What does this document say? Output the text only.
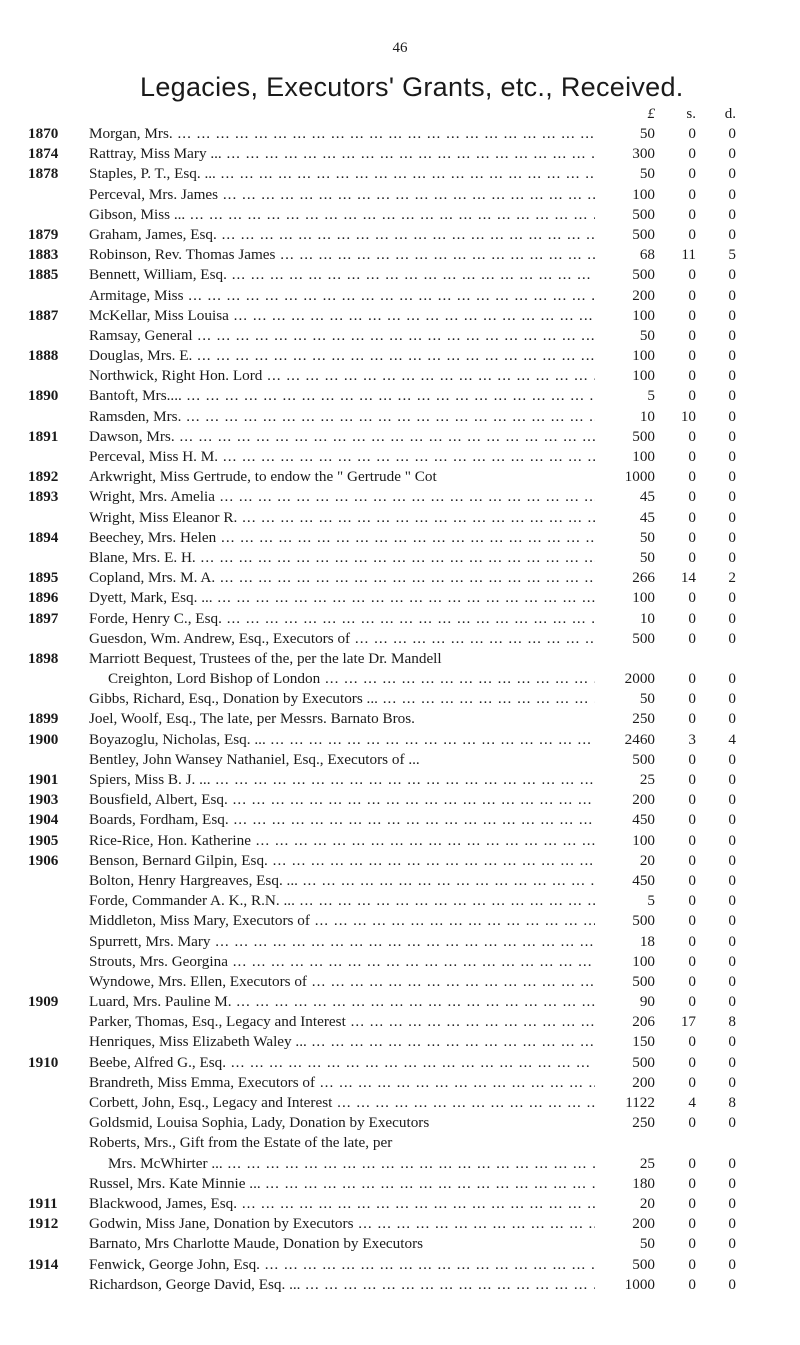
46
Legacies, Executors' Grants, etc., Received.
£	s.	d.
1870	Morgan, Mrs. ... .	50	0	0
1874	Rattray, Miss Mary ... ... .	300	0	0
1878	Staples, P. T., Esq. ... ... .	50	0	0
Perceval, Mrs. James ... .	100	0	0
Gibson, Miss ... ... .	500	0	0
1879	Graham, James, Esq. ... .	500	0	0
1883	Robinson, Rev. Thomas James ... .	68	11	5
1885	Bennett, William, Esq. ... .	500	0	0
Armitage, Miss ... .	200	0	0
1887	McKellar, Miss Louisa ... .	100	0	0
Ramsay, General ... .	50	0	0
1888	Douglas, Mrs. E. ... .	100	0	0
Northwick, Right Hon. Lord ... .	100	0	0
1890	Bantoft, Mrs.... ... .	5	0	0
Ramsden, Mrs. ... .	10	10	0
1891	Dawson, Mrs. ... .	500	0	0
Perceval, Miss H. M. ... .	100	0	0
1892	Arkwright, Miss Gertrude, to endow the " Gertrude " Cot	1000	0	0
1893	Wright, Mrs. Amelia ... .	45	0	0
Wright, Miss Eleanor R. ... .	45	0	0
1894	Beechey, Mrs. Helen ... .	50	0	0
Blane, Mrs. E. H. ... .	50	0	0
1895	Copland, Mrs. M. A. ... .	266	14	2
1896	Dyett, Mark, Esq. ... ... .	100	0	0
1897	Forde, Henry C., Esq. ... .	10	0	0
Guesdon, Wm. Andrew, Esq., Executors of ... .	500	0	0
1898	Marriott Bequest, Trustees of the, per the late Dr. Mandell
Creighton, Lord Bishop of London ... .	2000	0	0
Gibbs, Richard, Esq., Donation by Executors ... ... .	50	0	0
1899	Joel, Woolf, Esq., The late, per Messrs. Barnato Bros.	250	0	0
1900	Boyazoglu, Nicholas, Esq. ... ... .	2460	3	4
Bentley, John Wansey Nathaniel, Esq., Executors of ...	500	0	0
1901	Spiers, Miss B. J. ... ... .	25	0	0
1903	Bousfield, Albert, Esq. ... .	200	0	0
1904	Boards, Fordham, Esq. ... .	450	0	0
1905	Rice-Rice, Hon. Katherine ... .	100	0	0
1906	Benson, Bernard Gilpin, Esq. ... .	20	0	0
Bolton, Henry Hargreaves, Esq. ... ... .	450	0	0
Forde, Commander A. K., R.N. ... ... .	5	0	0
Middleton, Miss Mary, Executors of ... .	500	0	0
Spurrett, Mrs. Mary ... .	18	0	0
Strouts, Mrs. Georgina ... .	100	0	0
Wyndowe, Mrs. Ellen, Executors of ... .	500	0	0
1909	Luard, Mrs. Pauline M. ... .	90	0	0
Parker, Thomas, Esq., Legacy and Interest ... .	206	17	8
Henriques, Miss Elizabeth Waley ... ... .	150	0	0
1910	Beebe, Alfred G., Esq. ... .	500	0	0
Brandreth, Miss Emma, Executors of ... .	200	0	0
Corbett, John, Esq., Legacy and Interest ... .	1122	4	8
Goldsmid, Louisa Sophia, Lady, Donation by Executors	250	0	0
Roberts, Mrs., Gift from the Estate of the late, per
Mrs. McWhirter ... ... .	25	0	0
Russel, Mrs. Kate Minnie ... ... .	180	0	0
1911	Blackwood, James, Esq. ... .	20	0	0
1912	Godwin, Miss Jane, Donation by Executors ... .	200	0	0
Barnato, Mrs Charlotte Maude, Donation by Executors	50	0	0
1914	Fenwick, George John, Esq. ... .	500	0	0
Richardson, George David, Esq. ... ... .	1000	0	0
